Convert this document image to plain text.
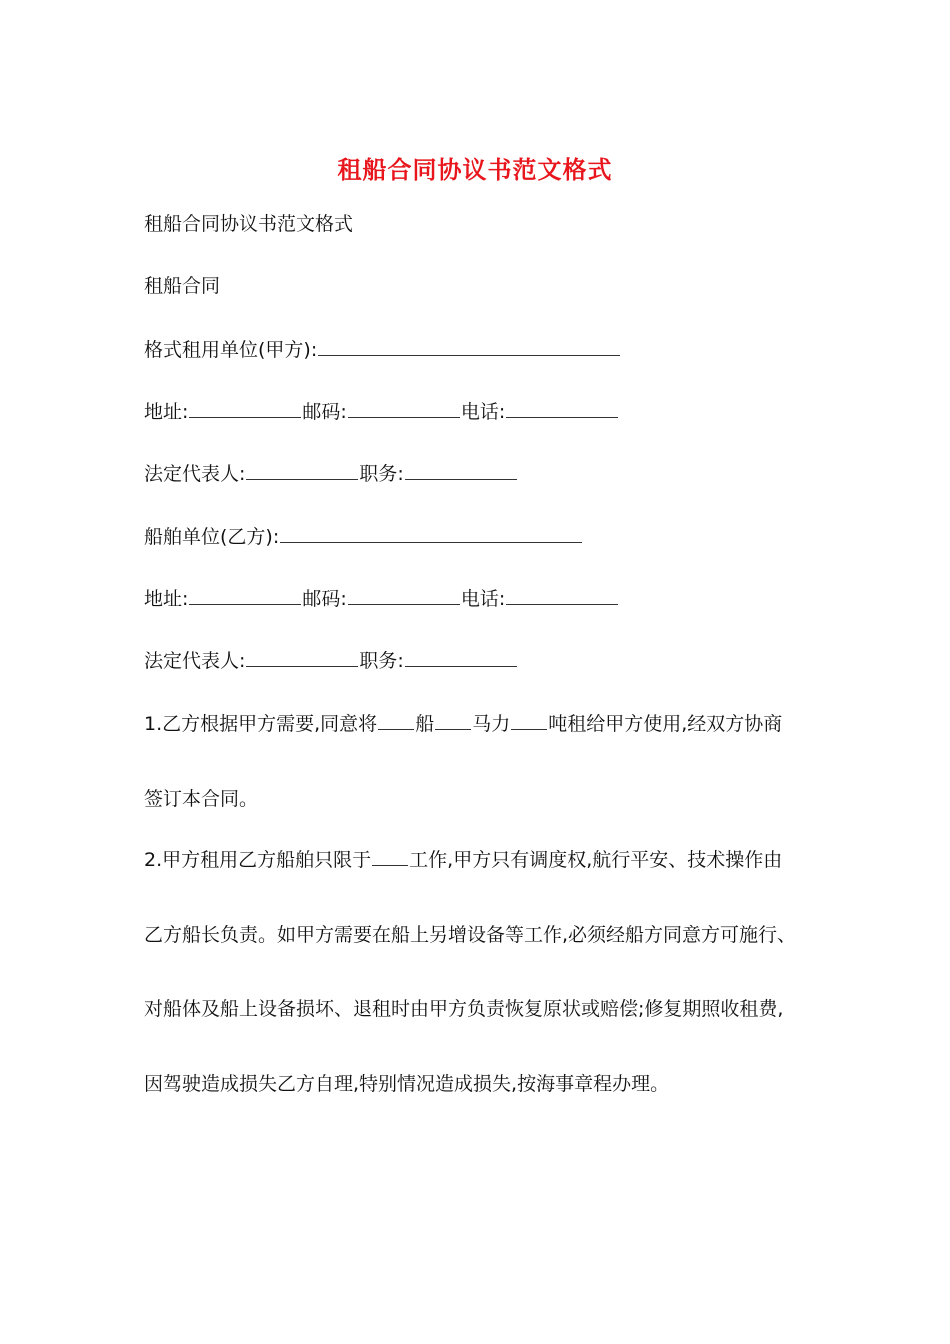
租船合同协议书范文格式
租船合同协议书范文格式
租船合同
格式租用单位(甲方):
地址:	邮码:	电话:
法定代表人:	职务:
船舶单位(乙方):
地址:	邮码:	电话:
法定代表人:	职务:
1.乙方根据甲方需要,同意将 船 马力 吨租给甲方使用,经双方协商
签订本合同。
2.甲方租用乙方船舶只限于 工作,甲方只有调度权,航行平安、技术操作由
乙方船长负责。如甲方需要在船上另增设备等工作,必须经船方同意方可施行、
对船体及船上设备损坏、退租时由甲方负责恢复原状或赔偿;修复期照收租费,
因驾驶造成损失乙方自理,特别情况造成损失,按海事章程办理。
